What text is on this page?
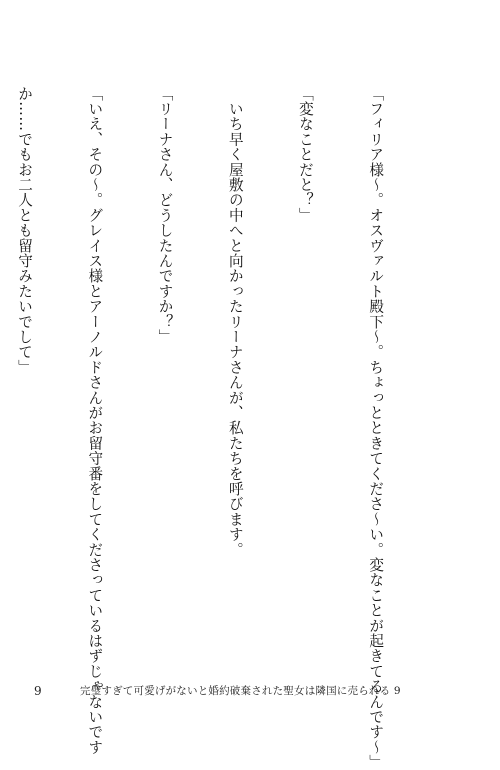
「フィリア様〜。オスヴァルト殿下〜。ちょっとときてくださ〜い。変なことが起きてるんです〜」

「変なことだと？」

　いち早く屋敷の中へと向かったリーナさんが、私たちを呼びます。

「リーナさん、どうしたんですか？」

「いえ、その〜。グレイス様とアーノルドさんがお留守番をしてくださっているはずじゃないです

か……でもお二人とも留守みたいでして」

9	完璧すぎて可愛げがないと婚約破棄された聖女は隣国に売られる 9
